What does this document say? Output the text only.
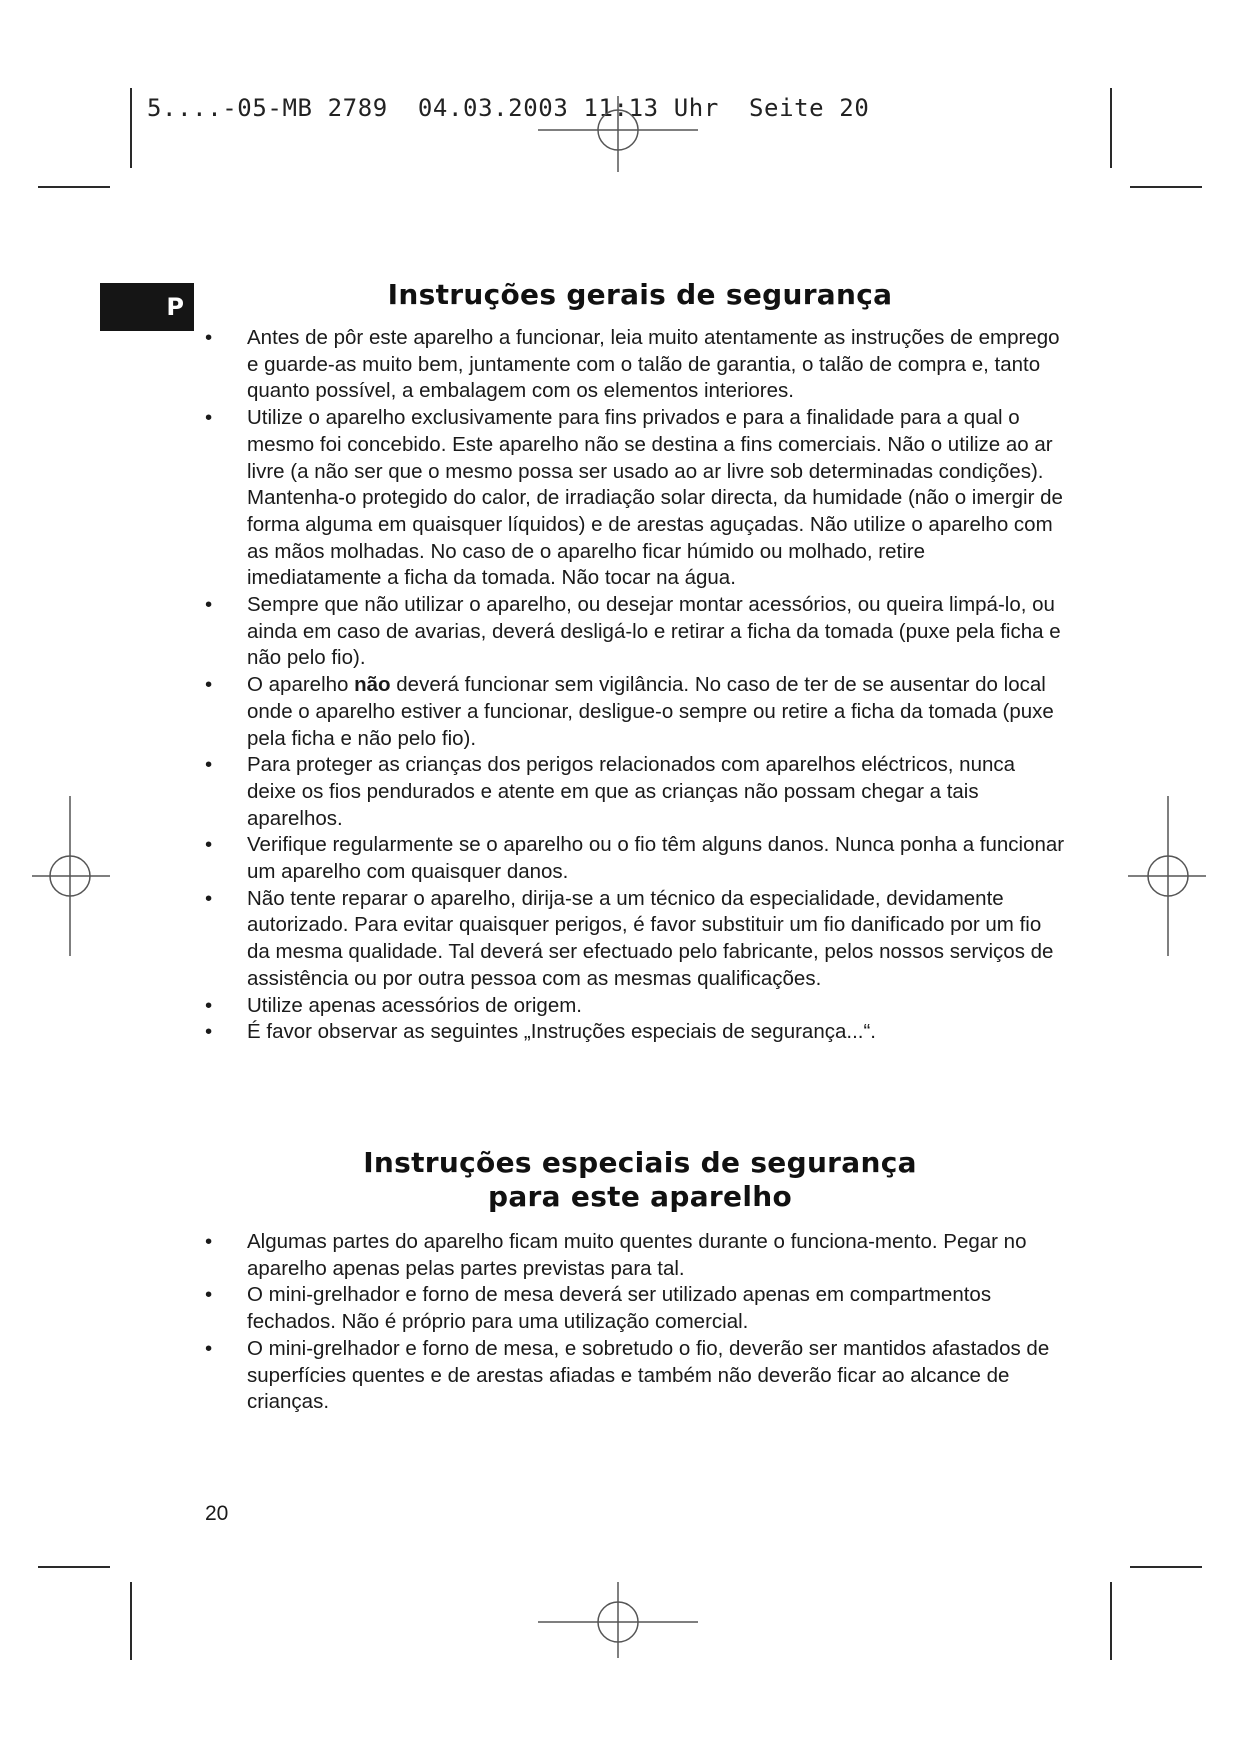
5....-05-MB 2789  04.03.2003 11:13 Uhr  Seite 20
P	Instruções gerais de segurança
• Antes de pôr este aparelho a funcionar, leia muito atentamente as instruções de emprego e guarde-as muito bem, juntamente com o talão de garantia, o talão de compra e, tanto quanto possível, a embalagem com os elementos interiores.
• Utilize o aparelho exclusivamente para fins privados e para a finalidade para a qual o mesmo foi concebido. Este aparelho não se destina a fins comerciais. Não o utilize ao ar livre (a não ser que o mesmo possa ser usado ao ar livre sob determinadas condições). Mantenha-o protegido do calor, de irradiação solar directa, da humidade (não o imergir de forma alguma em quaisquer líquidos) e de arestas aguçadas. Não utilize o aparelho com as mãos molhadas. No caso de o aparelho ficar húmido ou molhado, retire imediatamente a ficha da tomada. Não tocar na água.
• Sempre que não utilizar o aparelho, ou desejar montar acessórios, ou queira limpá-lo, ou ainda em caso de avarias, deverá desligá-lo e retirar a ficha da tomada (puxe pela ficha e não pelo fio).
• O aparelho não deverá funcionar sem vigilância. No caso de ter de se ausentar do local onde o aparelho estiver a funcionar, desligue-o sempre ou retire a ficha da tomada (puxe pela ficha e não pelo fio).
• Para proteger as crianças dos perigos relacionados com aparelhos eléctricos, nunca deixe os fios pendurados e atente em que as crianças não possam chegar a tais aparelhos.
• Verifique regularmente se o aparelho ou o fio têm alguns danos. Nunca ponha a funcionar um aparelho com quaisquer danos.
• Não tente reparar o aparelho, dirija-se a um técnico da especialidade, devidamente autorizado. Para evitar quaisquer perigos, é favor substituir um fio danificado por um fio da mesma qualidade. Tal deverá ser efectuado pelo fabricante, pelos nossos serviços de assistência ou por outra pessoa com as mesmas qualificações.
• Utilize apenas acessórios de origem.
• É favor observar as seguintes „Instruções especiais de segurança...“.
Instruções especiais de segurança
para este aparelho
• Algumas partes do aparelho ficam muito quentes durante o funciona-mento. Pegar no aparelho apenas pelas partes previstas para tal.
• O mini-grelhador e forno de mesa deverá ser utilizado apenas em compartmentos fechados. Não é próprio para uma utilização comercial.
• O mini-grelhador e forno de mesa, e sobretudo o fio, deverão ser mantidos afastados de superfícies quentes e de arestas afiadas e também não deverão ficar ao alcance de crianças.
20
